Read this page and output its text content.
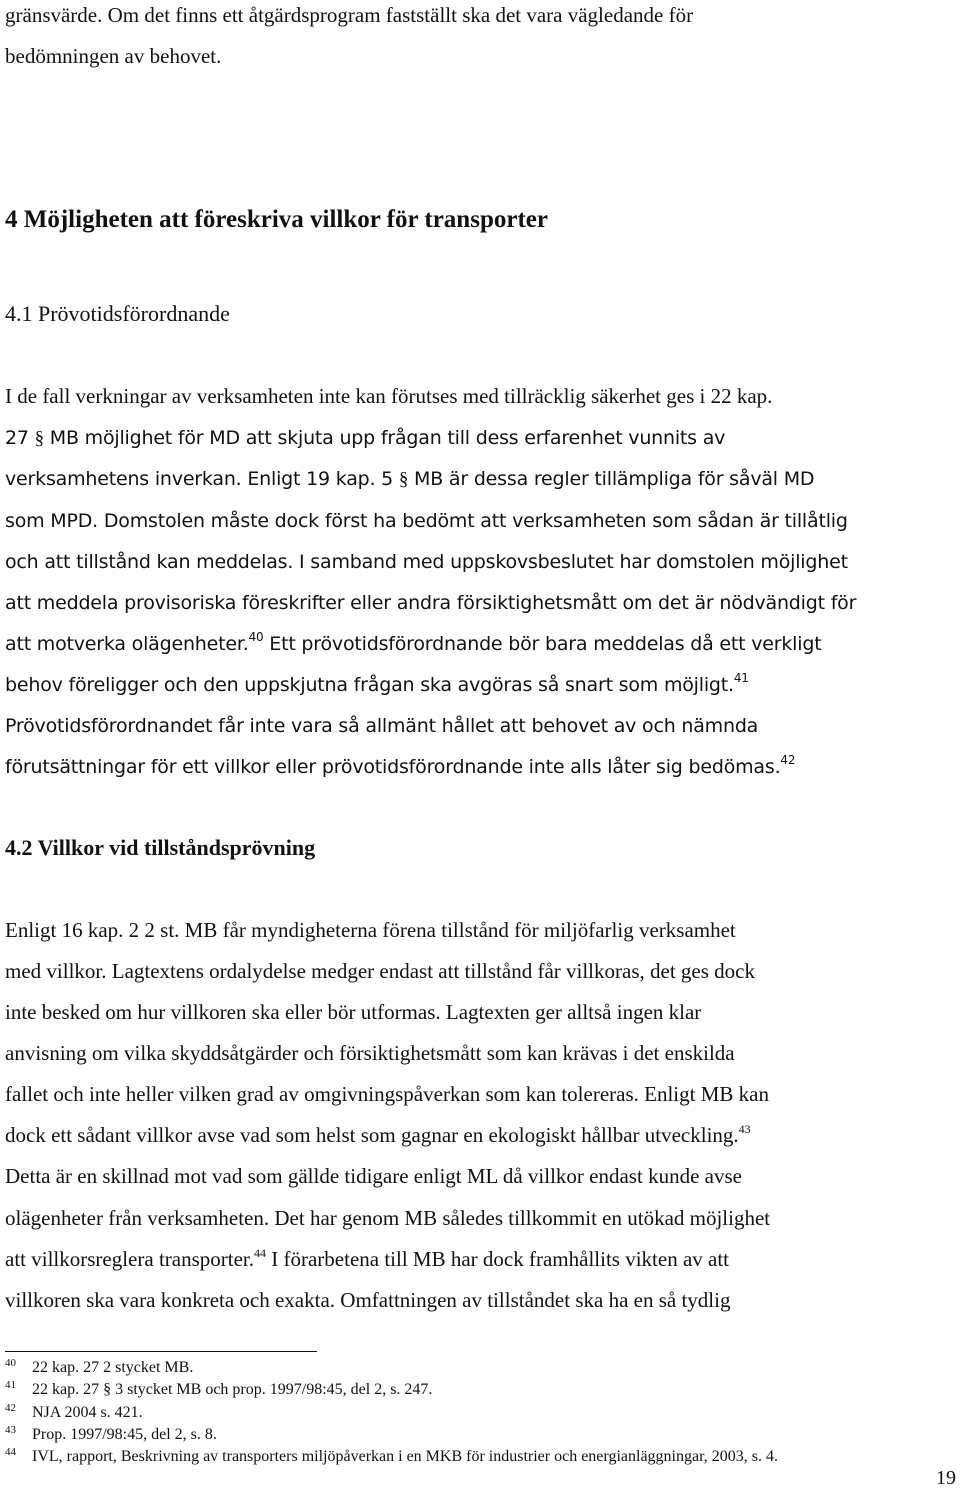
gränsvärde. Om det finns ett åtgärdsprogram fastställt ska det vara vägledande för
bedömningen av behovet.
4 Möjligheten att föreskriva villkor för transporter
4.1 Prövotidsförordnande
I de fall verkningar av verksamheten inte kan förutses med tillräcklig säkerhet ges i 22 kap.
27 § MB möjlighet för MD att skjuta upp frågan till dess erfarenhet vunnits av
verksamhetens inverkan. Enligt 19 kap. 5 § MB är dessa regler tillämpliga för såväl MD
som MPD. Domstolen måste dock först ha bedömt att verksamheten som sådan är tillåtlig
och att tillstånd kan meddelas. I samband med uppskovsbeslutet har domstolen möjlighet
att meddela provisoriska föreskrifter eller andra försiktighetsmått om det är nödvändigt för
att motverka olägenheter.$^{40}$ Ett prövotidsförordnande bör bara meddelas då ett verkligt
behov föreligger och den uppskjutna frågan ska avgöras så snart som möjligt.$^{41}$
Prövotidsförordnandet får inte vara så allmänt hållet att behovet av och nämnda
förutsättningar för ett villkor eller prövotidsförordnande inte alls låter sig bedömas.$^{42}$
4.2 Villkor vid tillståndsprövning
Enligt 16 kap. 2 2 st. MB får myndigheterna förena tillstånd för miljöfarlig verksamhet
med villkor. Lagtextens ordalydelse medger endast att tillstånd får villkoras, det ges dock
inte besked om hur villkoren ska eller bör utformas. Lagtexten ger alltså ingen klar
anvisning om vilka skyddsåtgärder och försiktighetsmått som kan krävas i det enskilda
fallet och inte heller vilken grad av omgivningspåverkan som kan tolereras. Enligt MB kan
dock ett sådant villkor avse vad som helst som gagnar en ekologiskt hållbar utveckling.$^{43}$
Detta är en skillnad mot vad som gällde tidigare enligt ML då villkor endast kunde avse
olägenheter från verksamheten. Det har genom MB således tillkommit en utökad möjlighet
att villkorsreglera transporter.$^{44}$ I förarbetena till MB har dock framhållits vikten av att
villkoren ska vara konkreta och exakta. Omfattningen av tillståndet ska ha en så tydlig
40 22 kap. 27 2 stycket MB.
41 22 kap. 27 § 3 stycket MB och prop. 1997/98:45, del 2, s. 247.
42 NJA 2004 s. 421.
43 Prop. 1997/98:45, del 2, s. 8.
44 IVL, rapport, Beskrivning av transporters miljöpåverkan i en MKB för industrier och energianläggningar, 2003, s. 4.
19
